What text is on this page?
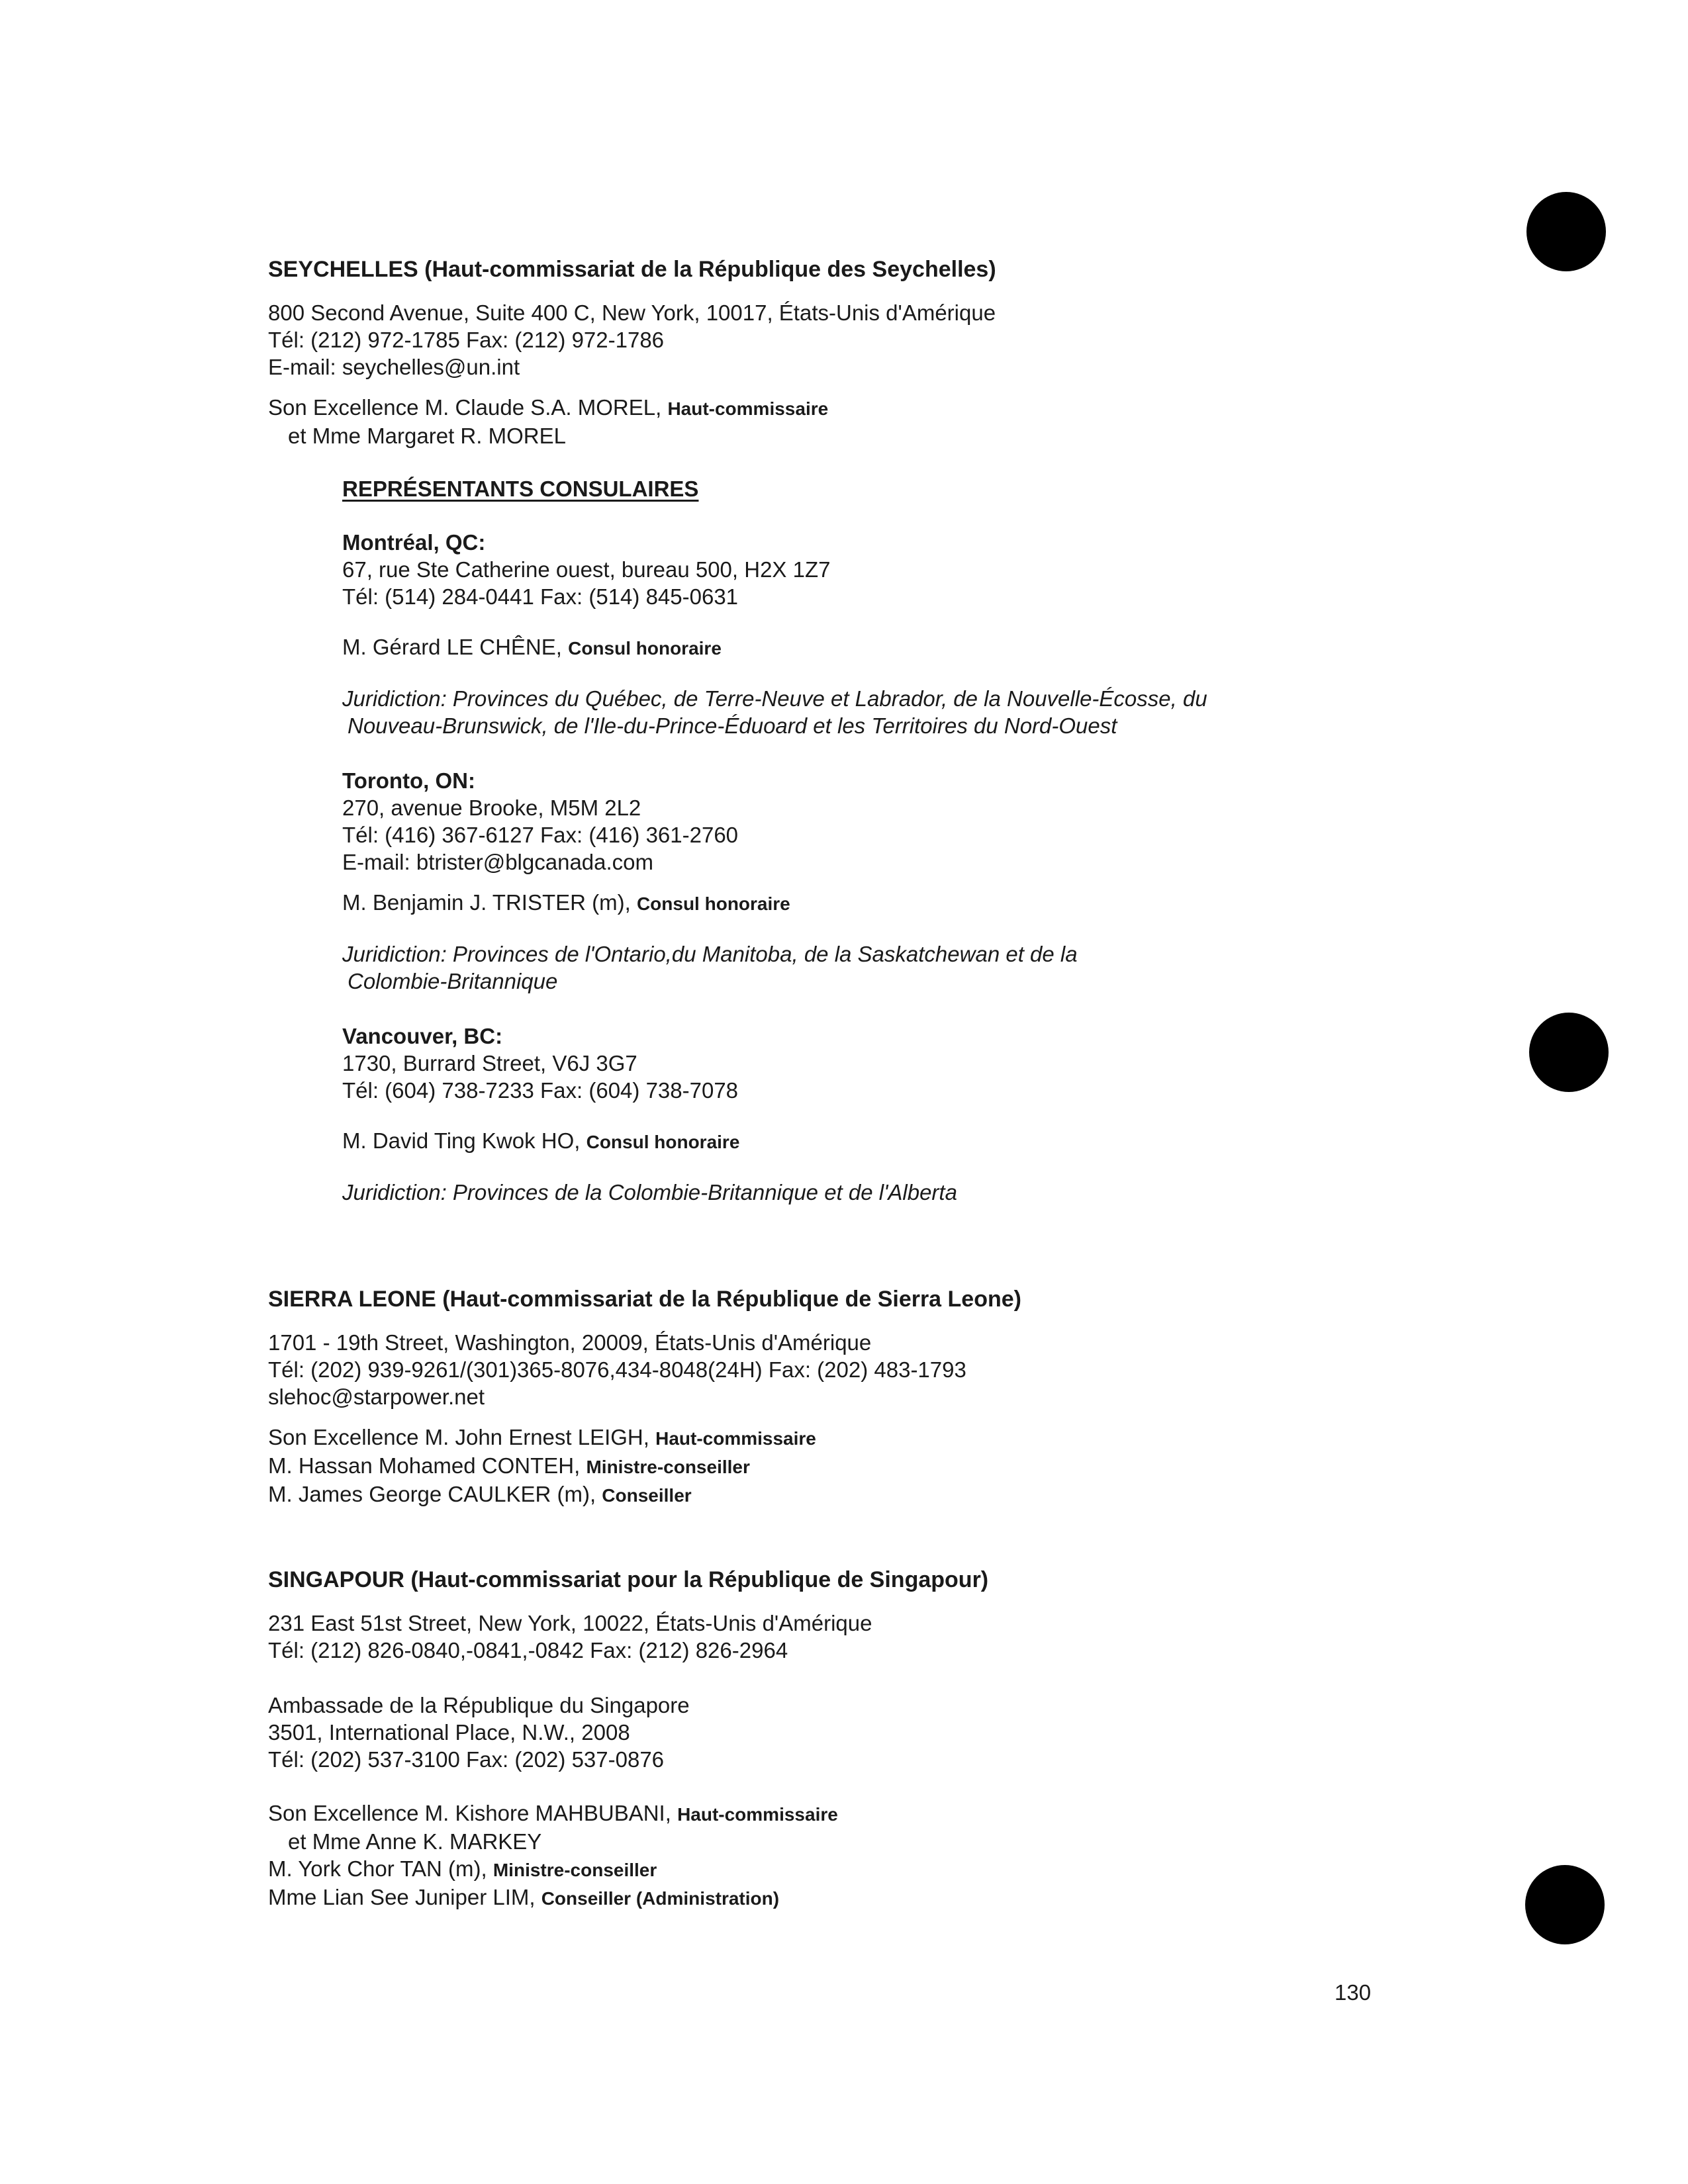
SEYCHELLES (Haut-commissariat de la République des Seychelles)
800 Second Avenue, Suite 400 C, New York, 10017, États-Unis d'Amérique
Tél: (212) 972-1785 Fax: (212) 972-1786
E-mail: seychelles@un.int
Son Excellence M. Claude S.A. MOREL, Haut-commissaire
et Mme Margaret R. MOREL
REPRÉSENTANTS CONSULAIRES
Montréal, QC:
67, rue Ste Catherine ouest, bureau 500, H2X 1Z7
Tél: (514) 284-0441 Fax: (514) 845-0631
M. Gérard LE CHÊNE, Consul honoraire
Juridiction: Provinces du Québec, de Terre-Neuve et Labrador, de la Nouvelle-Écosse, du
Nouveau-Brunswick, de l'Ile-du-Prince-Éduoard et les Territoires du Nord-Ouest
Toronto, ON:
270, avenue Brooke, M5M 2L2
Tél: (416) 367-6127 Fax: (416) 361-2760
E-mail: btrister@blgcanada.com
M. Benjamin J. TRISTER (m), Consul honoraire
Juridiction: Provinces de l'Ontario,du Manitoba, de la Saskatchewan et de la
Colombie-Britannique
Vancouver, BC:
1730, Burrard Street, V6J 3G7
Tél: (604) 738-7233 Fax: (604) 738-7078
M. David Ting Kwok HO, Consul honoraire
Juridiction: Provinces de la Colombie-Britannique et de l'Alberta
SIERRA LEONE (Haut-commissariat de la République de Sierra Leone)
1701 - 19th Street, Washington, 20009, États-Unis d'Amérique
Tél: (202) 939-9261/(301)365-8076,434-8048(24H) Fax: (202) 483-1793
slehoc@starpower.net
Son Excellence M. John Ernest LEIGH, Haut-commissaire
M. Hassan Mohamed CONTEH, Ministre-conseiller
M. James George CAULKER (m), Conseiller
SINGAPOUR (Haut-commissariat pour la République de Singapour)
231 East 51st Street, New York, 10022, États-Unis d'Amérique
Tél: (212) 826-0840,-0841,-0842 Fax: (212) 826-2964
Ambassade de la République du Singapore
3501, International Place, N.W., 2008
Tél: (202) 537-3100 Fax: (202) 537-0876
Son Excellence M. Kishore MAHBUBANI, Haut-commissaire
et Mme Anne K. MARKEY
M. York Chor TAN (m), Ministre-conseiller
Mme Lian See Juniper LIM, Conseiller (Administration)
130
